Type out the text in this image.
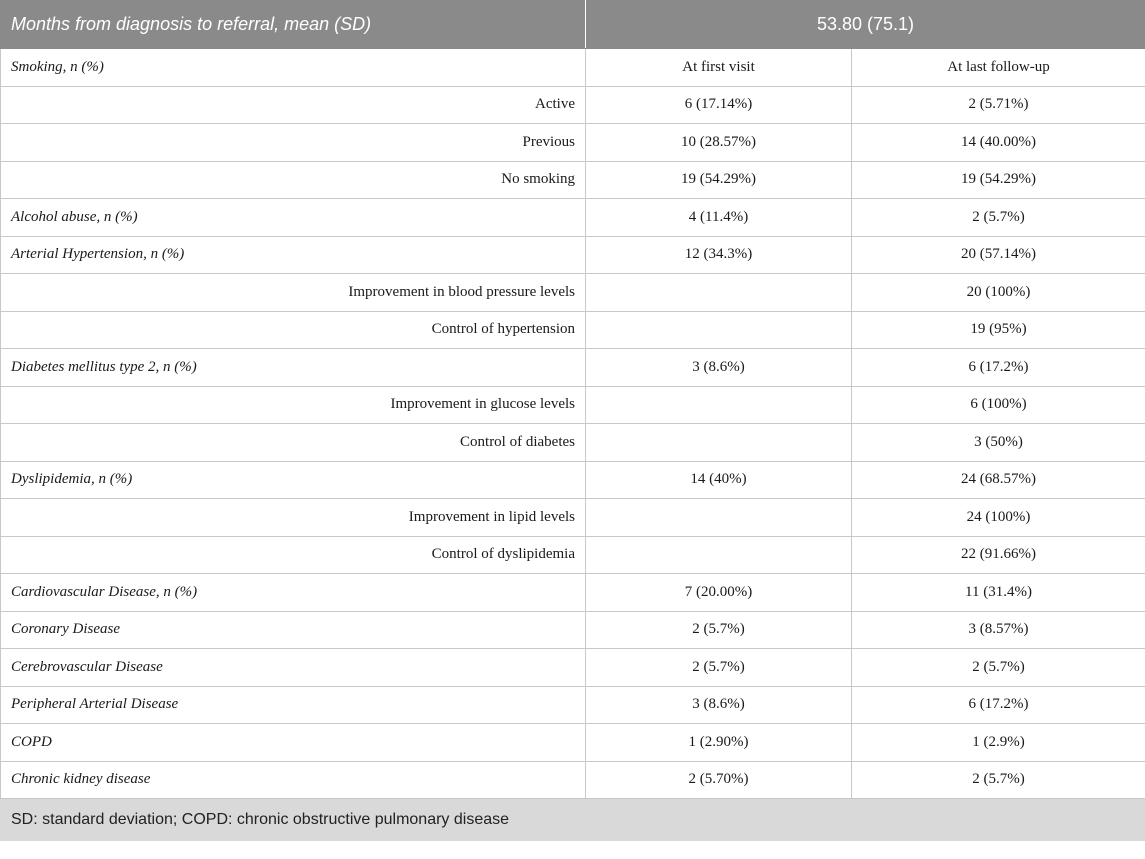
Months from diagnosis to referral, mean (SD)	53.80 (75.1)	
Smoking, n (%)	At first visit	At last follow-up
Active	6 (17.14%)	2 (5.71%)
Previous	10 (28.57%)	14 (40.00%)
No smoking	19 (54.29%)	19 (54.29%)
Alcohol abuse, n (%)	4 (11.4%)	2 (5.7%)
Arterial Hypertension, n (%)	12 (34.3%)	20 (57.14%)
Improvement in blood pressure levels		20 (100%)
Control of hypertension		19 (95%)
Diabetes mellitus type 2, n (%)	3 (8.6%)	6 (17.2%)
Improvement in glucose levels		6 (100%)
Control of diabetes		3 (50%)
Dyslipidemia, n (%)	14 (40%)	24 (68.57%)
Improvement in lipid levels		24 (100%)
Control of dyslipidemia		22 (91.66%)
Cardiovascular Disease, n (%)	7 (20.00%)	11 (31.4%)
Coronary Disease	2 (5.7%)	3 (8.57%)
Cerebrovascular Disease	2 (5.7%)	2 (5.7%)
Peripheral Arterial Disease	3 (8.6%)	6 (17.2%)
COPD	1 (2.90%)	1 (2.9%)
Chronic kidney disease	2 (5.70%)	2 (5.7%)
SD: standard deviation; COPD: chronic obstructive pulmonary disease		
